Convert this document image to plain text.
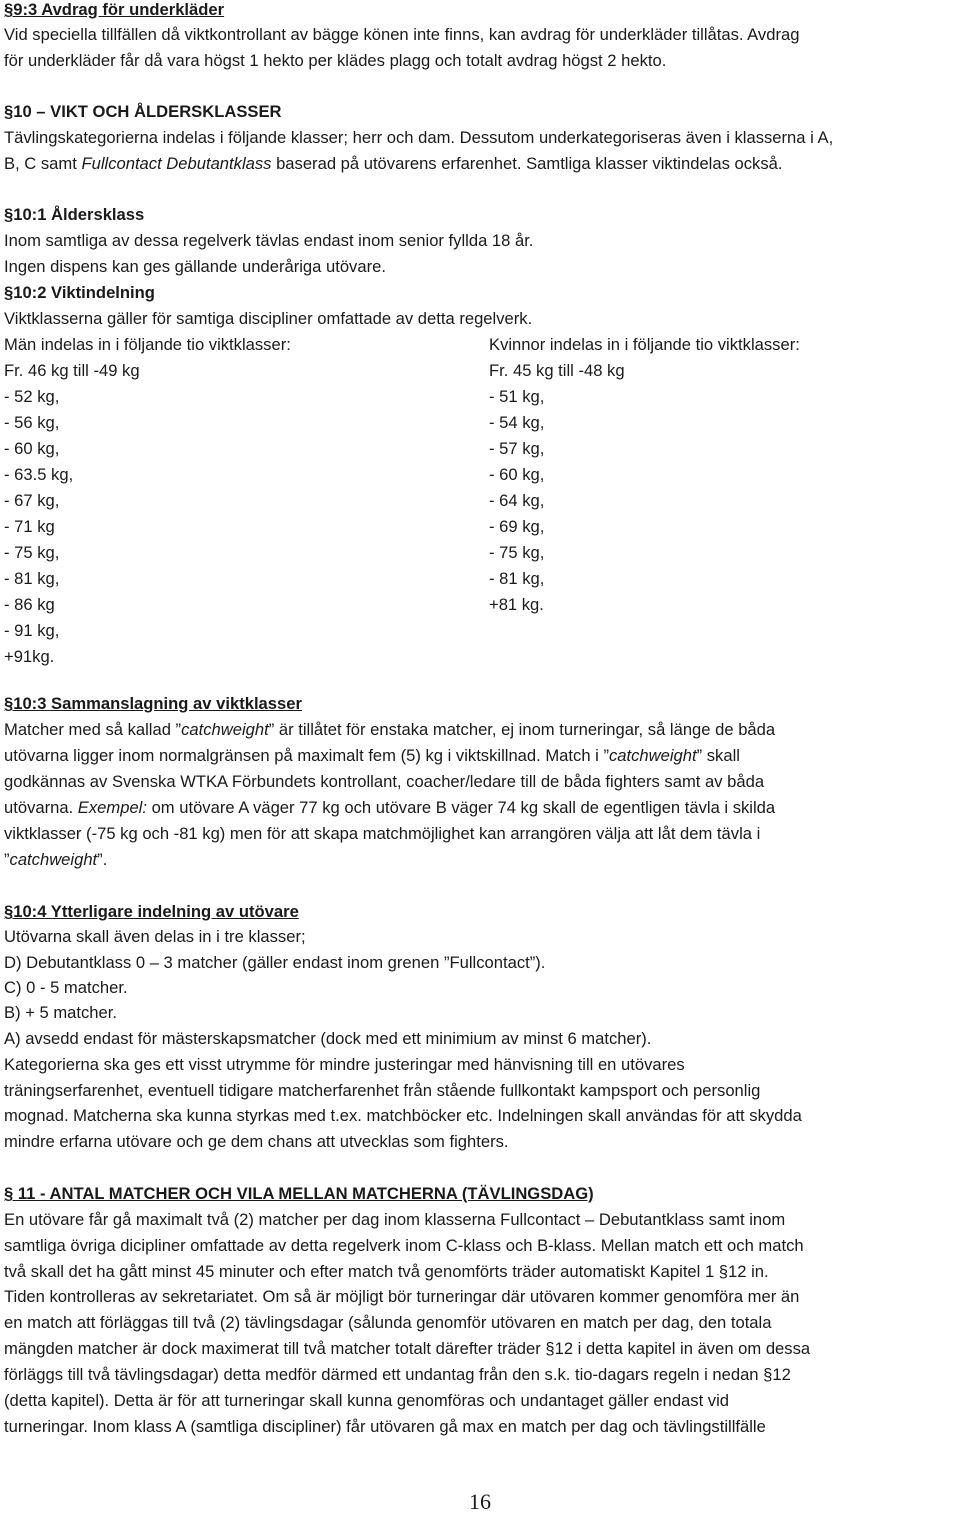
§9:3 Avdrag för underkläder
Vid speciella tillfällen då viktkontrollant av bägge könen inte finns, kan avdrag för underkläder tillåtas. Avdrag
för underkläder får då vara högst 1 hekto per klädes plagg och totalt avdrag högst 2 hekto.
§10 – VIKT OCH ÅLDERSKLASSER
Tävlingskategorierna indelas i följande klasser; herr och dam. Dessutom underkategoriseras även i klasserna i A,
B, C samt Fullcontact Debutantklass baserad på utövarens erfarenhet. Samtliga klasser viktindelas också.
§10:1 Åldersklass
Inom samtliga av dessa regelverk tävlas endast inom senior fyllda 18 år.
Ingen dispens kan ges gällande underåriga utövare.
§10:2 Viktindelning
Viktklasserna gäller för samtiga discipliner omfattade av detta regelverk.
Män indelas in i följande tio viktklasser:	Kvinnor indelas in i följande tio viktklasser:
Fr. 46 kg till -49 kg
- 52 kg,
- 56 kg,
- 60 kg,
- 63.5 kg,
- 67 kg,
- 71 kg
- 75 kg,
- 81 kg,
- 86 kg
- 91 kg,
+91kg.
Fr. 45 kg till -48 kg
- 51 kg,
- 54 kg,
- 57 kg,
- 60 kg,
- 64 kg,
- 69 kg,
- 75 kg,
- 81 kg,
+81 kg.
§10:3 Sammanslagning av viktklasser
Matcher med så kallad ”catchweight” är tillåtet för enstaka matcher, ej inom turneringar, så länge de båda
utövarna ligger inom normalgränsen på maximalt fem (5) kg i viktskillnad. Match i ”catchweight” skall
godkännas av Svenska WTKA Förbundets kontrollant, coacher/ledare till de båda fighters samt av båda
utövarna. Exempel: om utövare A väger 77 kg och utövare B väger 74 kg skall de egentligen tävla i skilda
viktklasser (-75 kg och -81 kg) men för att skapa matchmöjlighet kan arrangören välja att låt dem tävla i
”catchweight”.
§10:4 Ytterligare indelning av utövare
Utövarna skall även delas in i tre klasser;
D) Debutantklass 0 – 3 matcher (gäller endast inom grenen ”Fullcontact”).
C) 0 - 5 matcher.
B) + 5 matcher.
A) avsedd endast för mästerskapsmatcher (dock med ett minimium av minst 6 matcher).
Kategorierna ska ges ett visst utrymme för mindre justeringar med hänvisning till en utövares
träningserfarenhet, eventuell tidigare matcherfarenhet från stående fullkontakt kampsport och personlig
mognad. Matcherna ska kunna styrkas med t.ex. matchböcker etc. Indelningen skall användas för att skydda
mindre erfarna utövare och ge dem chans att utvecklas som fighters.
§ 11 - ANTAL MATCHER OCH VILA MELLAN MATCHERNA (TÄVLINGSDAG)
En utövare får gå maximalt två (2) matcher per dag inom klasserna Fullcontact – Debutantklass samt inom
samtliga övriga dicipliner omfattade av detta regelverk inom C-klass och B-klass. Mellan match ett och match
två skall det ha gått minst 45 minuter och efter match två genomförts träder automatiskt Kapitel 1 §12 in.
Tiden kontrolleras av sekretariatet. Om så är möjligt bör turneringar där utövaren kommer genomföra mer än
en match att förläggas till två (2) tävlingsdagar (sålunda genomför utövaren en match per dag, den totala
mängden matcher är dock maximerat till två matcher totalt därefter träder §12 i detta kapitel in även om dessa
förläggs till två tävlingsdagar) detta medför därmed ett undantag från den s.k. tio-dagars regeln i nedan §12
(detta kapitel). Detta är för att turneringar skall kunna genomföras och undantaget gäller endast vid
turneringar. Inom klass A (samtliga discipliner) får utövaren gå max en match per dag och tävlingstillfälle
16
